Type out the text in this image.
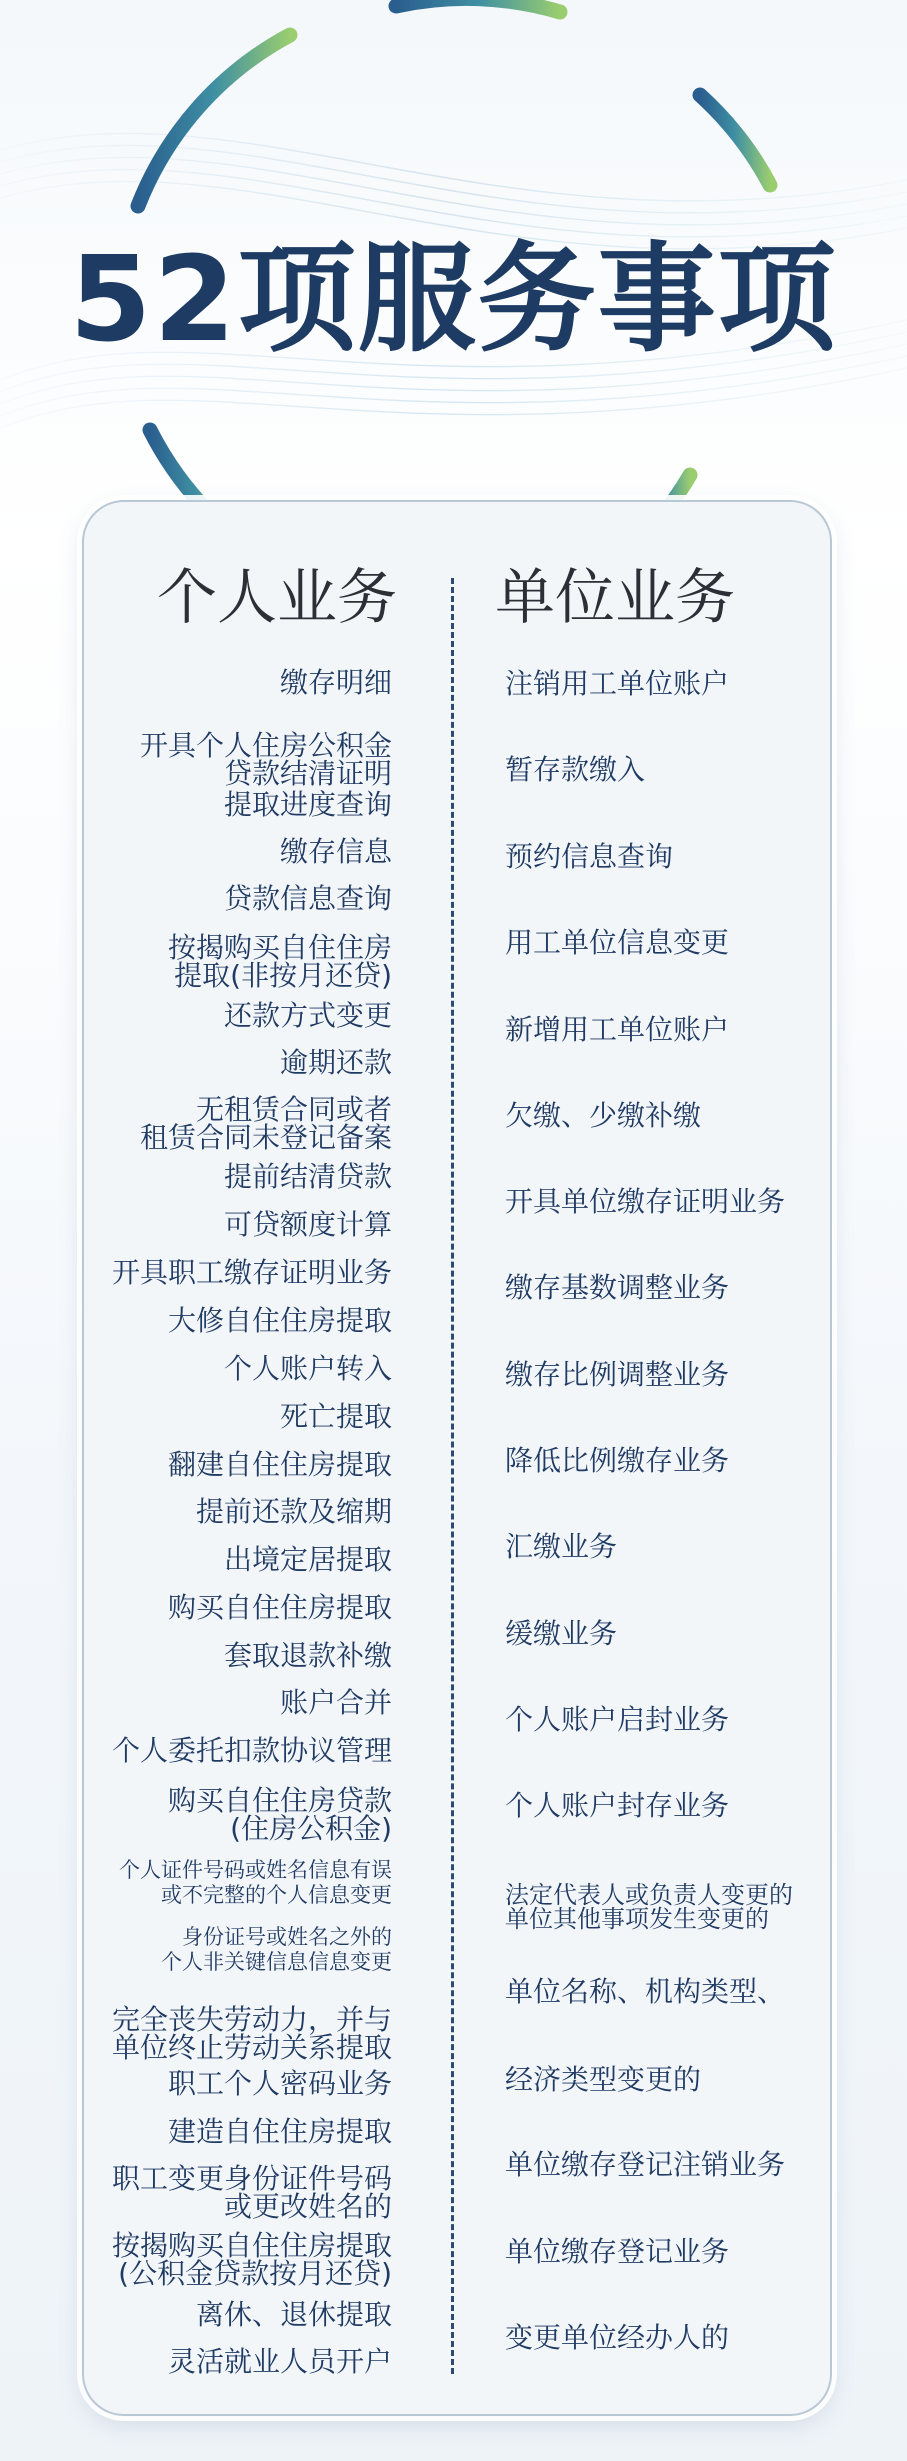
52项服务事项
个人业务 单位业务
缴存明细
开具个人住房公积金
贷款结清证明
提取进度查询
缴存信息
贷款信息查询
按揭购买自住住房
提取(非按月还贷)
还款方式变更
逾期还款
无租赁合同或者
租赁合同未登记备案
提前结清贷款
可贷额度计算
开具职工缴存证明业务
大修自住住房提取
个人账户转入
死亡提取
翻建自住住房提取
提前还款及缩期
出境定居提取
购买自住住房提取
套取退款补缴
账户合并
个人委托扣款协议管理
购买自住住房贷款
(住房公积金)
个人证件号码或姓名信息有误
或不完整的个人信息变更
身份证号或姓名之外的
个人非关键信息信息变更
完全丧失劳动力，并与
单位终止劳动关系提取
职工个人密码业务
建造自住住房提取
职工变更身份证件号码
或更改姓名的
按揭购买自住住房提取
(公积金贷款按月还贷)
离休、退休提取
灵活就业人员开户
注销用工单位账户
暂存款缴入
预约信息查询
用工单位信息变更
新增用工单位账户
欠缴、少缴补缴
开具单位缴存证明业务
缴存基数调整业务
缴存比例调整业务
降低比例缴存业务
汇缴业务
缓缴业务
个人账户启封业务
个人账户封存业务
法定代表人或负责人变更的
单位其他事项发生变更的
单位名称、机构类型、
经济类型变更的
单位缴存登记注销业务
单位缴存登记业务
变更单位经办人的
